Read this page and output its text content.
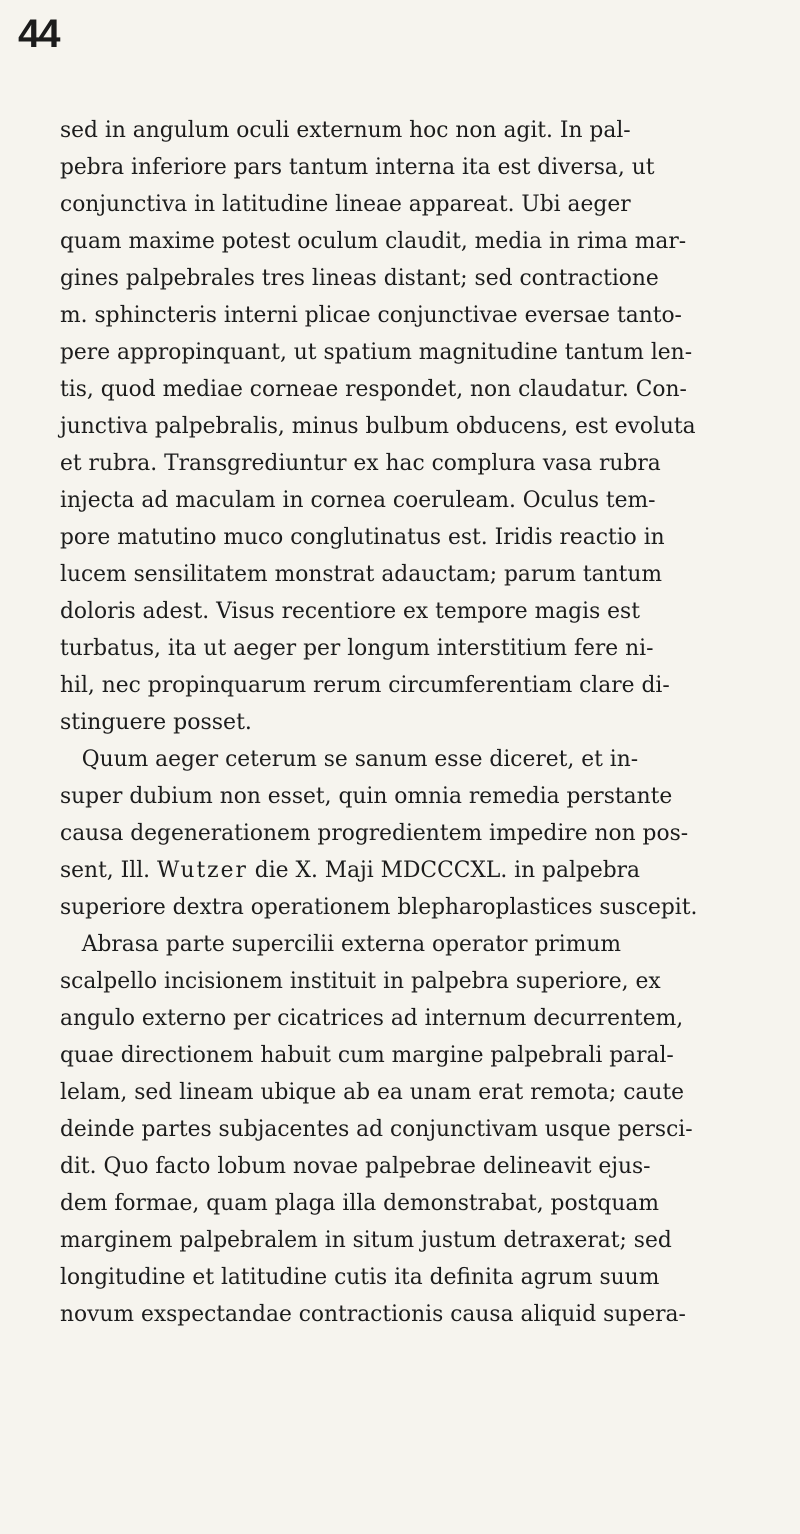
44
sed in angulum oculi externum hoc non agit. In pal-
pebra inferiore pars tantum interna ita est diversa, ut
conjunctiva in latitudine lineae appareat. Ubi aeger
quam maxime potest oculum claudit, media in rima mar-
gines palpebrales tres lineas distant; sed contractione
m. sphincteris interni plicae conjunctivae eversae tanto-
pere appropinquant, ut spatium magnitudine tantum len-
tis, quod mediae corneae respondet, non claudatur. Con-
junctiva palpebralis, minus bulbum obducens, est evoluta
et rubra. Transgrediuntur ex hac complura vasa rubra
injecta ad maculam in cornea coeruleam. Oculus tem-
pore matutino muco conglutinatus est. Iridis reactio in
lucem sensilitatem monstrat adauctam; parum tantum
doloris adest. Visus recentiore ex tempore magis est
turbatus, ita ut aeger per longum interstitium fere ni-
hil, nec propinquarum rerum circumferentiam clare di-
stinguere posset.
Quum aeger ceterum se sanum esse diceret, et in-
super dubium non esset, quin omnia remedia perstante
causa degenerationem progredientem impedire non pos-
sent, Ill. Wutzer die X. Maji MDCCCXL. in palpebra
superiore dextra operationem blepharoplastices suscepit.
Abrasa parte supercilii externa operator primum
scalpello incisionem instituit in palpebra superiore, ex
angulo externo per cicatrices ad internum decurrentem,
quae directionem habuit cum margine palpebrali paral-
lelam, sed lineam ubique ab ea unam erat remota; caute
deinde partes subjacentes ad conjunctivam usque persci-
dit. Quo facto lobum novae palpebrae delineavit ejus-
dem formae, quam plaga illa demonstrabat, postquam
marginem palpebralem in situm justum detraxerat; sed
longitudine et latitudine cutis ita definita agrum suum
novum exspectandae contractionis causa aliquid supera-
